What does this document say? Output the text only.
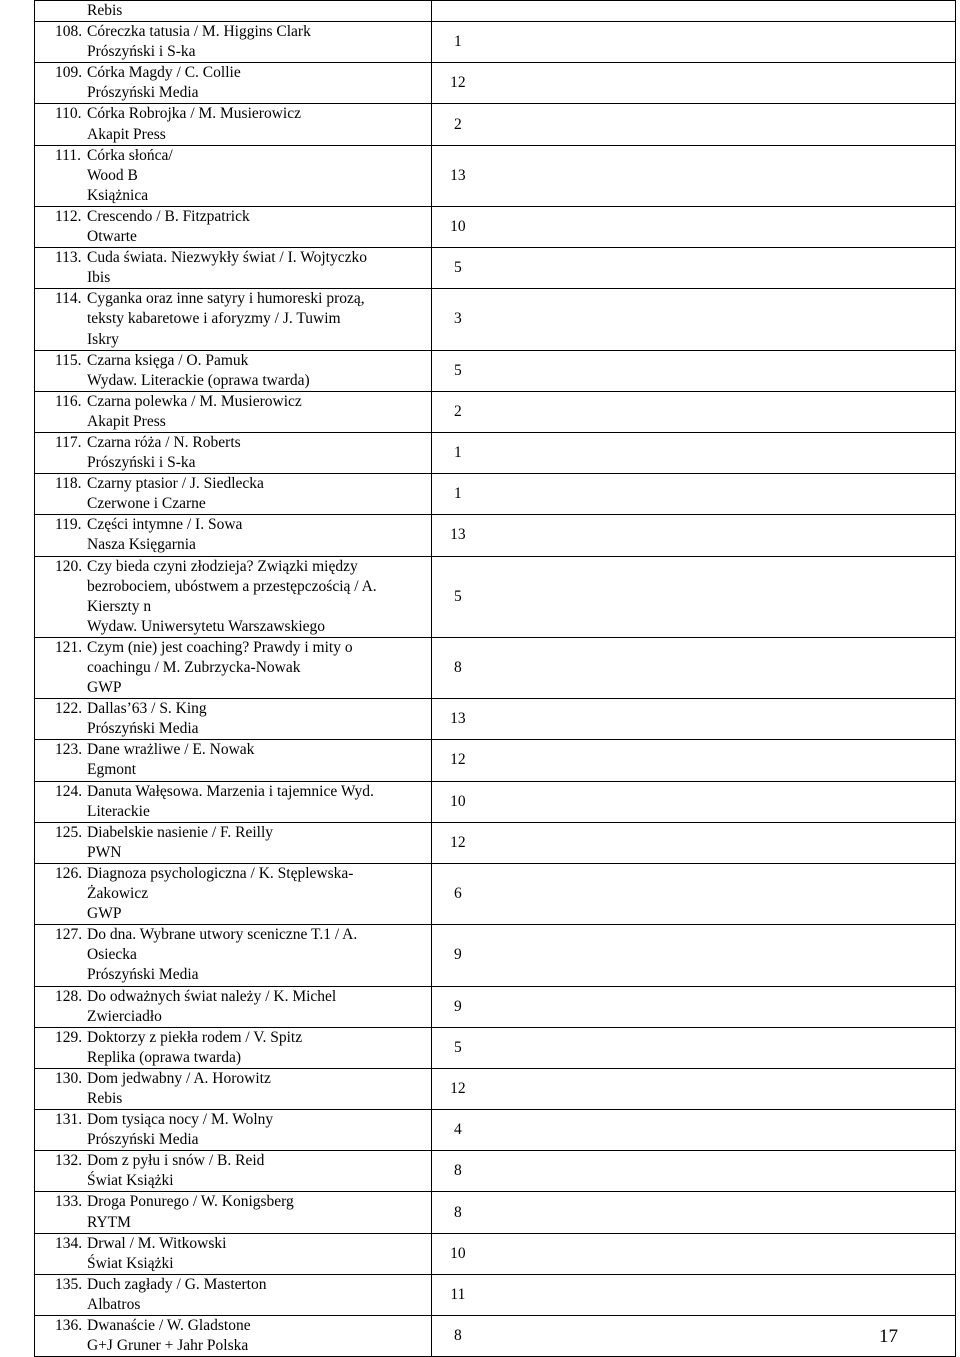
Rebis	

108. Córeczka tatusia / M. Higgins Clark
Prószyński i S-ka	1

109. Córka Magdy / C. Collie
Prószyński Media	12

110. Córka Robrojka / M. Musierowicz
Akapit Press	2

111. Córka słońca/
Wood B
Książnica	13

112. Crescendo / B. Fitzpatrick
Otwarte	10

113. Cuda świata. Niezwykły świat / I. Wojtyczko
Ibis	5

114. Cyganka oraz inne satyry i humoreski prozą,
teksty kabaretowe i aforyzmy / J. Tuwim
Iskry	3

115. Czarna księga / O. Pamuk
Wydaw. Literackie (oprawa twarda)	5

116. Czarna polewka / M. Musierowicz
Akapit Press	2

117. Czarna róża / N. Roberts
Prószyński i S-ka	1

118. Czarny ptasior / J. Siedlecka
Czerwone i Czarne	1

119. Części intymne / I. Sowa
Nasza Księgarnia	13

120. Czy bieda czyni złodzieja? Związki między
bezrobociem, ubóstwem a przestępczością / A.
Kierszty n
Wydaw. Uniwersytetu Warszawskiego	5

121. Czym (nie) jest coaching? Prawdy i mity o
coachingu / M. Zubrzycka-Nowak
GWP	8

122. Dallas’63 / S. King
Prószyński Media	13

123. Dane wrażliwe / E. Nowak
Egmont	12

124. Danuta Wałęsowa. Marzenia i tajemnice Wyd.
Literackie	10

125. Diabelskie nasienie / F. Reilly
PWN	12

126. Diagnoza psychologiczna / K. Stęplewska-
Żakowicz
GWP	6

127. Do dna. Wybrane utwory sceniczne T.1 / A.
Osiecka
Prószyński Media	9

128. Do odważnych świat należy / K. Michel
Zwierciadło	9

129. Doktorzy z piekła rodem / V. Spitz
Replika (oprawa twarda)	5

130. Dom jedwabny / A. Horowitz
Rebis	12

131. Dom tysiąca nocy / M. Wolny
Prószyński Media	4

132. Dom z pyłu i snów / B. Reid
Świat Książki	8

133. Droga Ponurego / W. Konigsberg
RYTM	8

134. Drwal / M. Witkowski
Świat Książki	10

135. Duch zagłady / G. Masterton
Albatros	11

136. Dwanaście / W. Gladstone
G+J Gruner + Jahr Polska	8	17
